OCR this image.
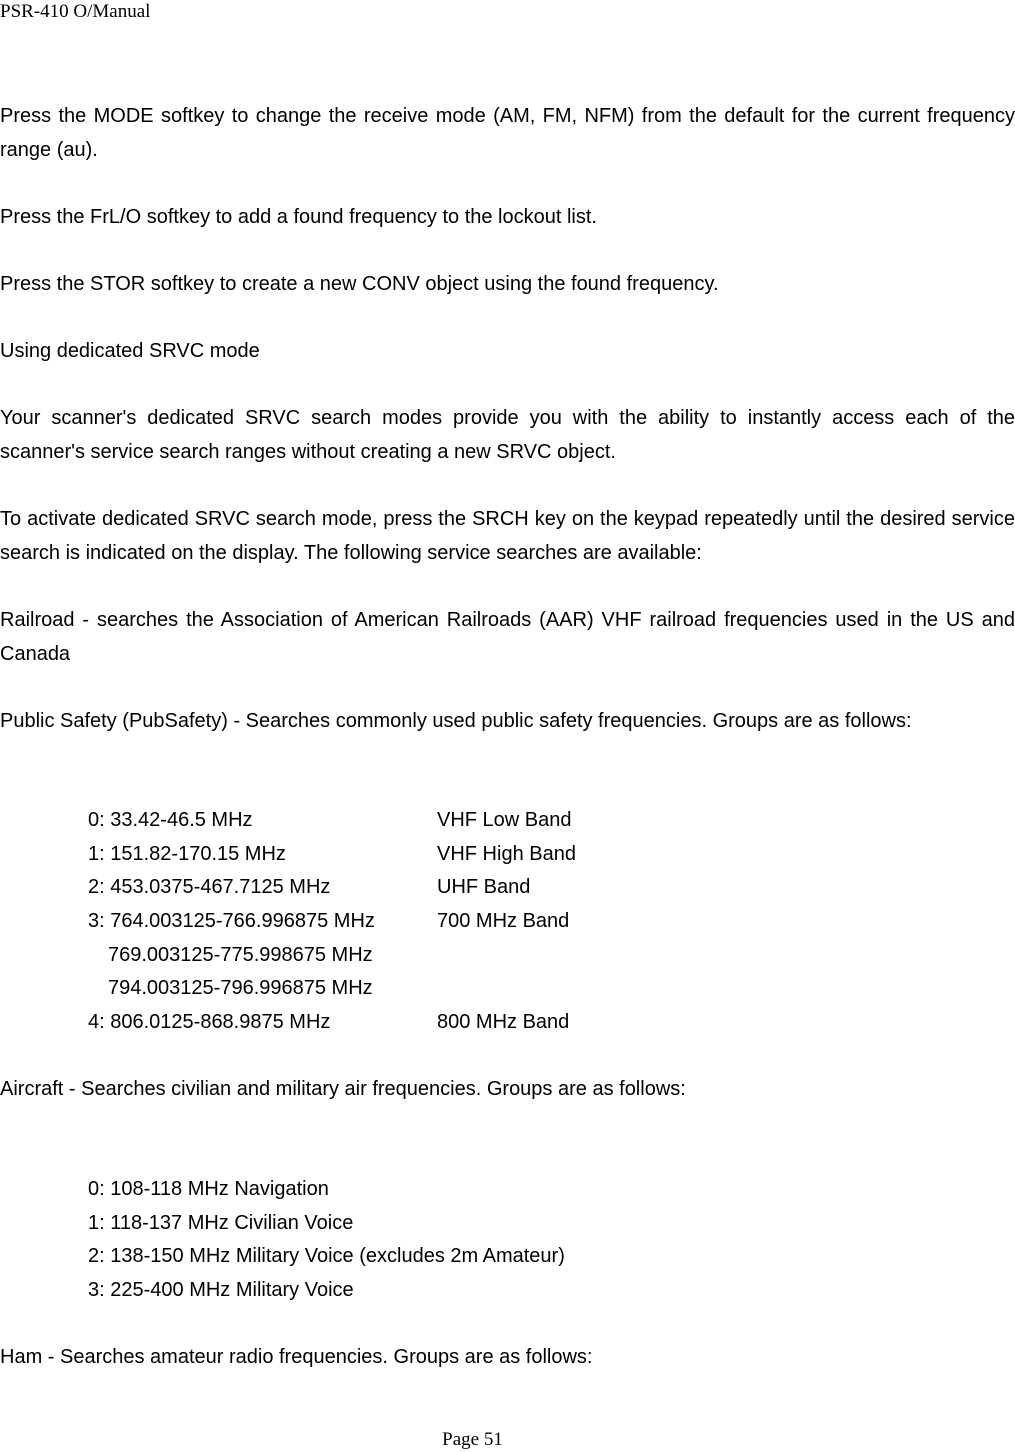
PSR-410 O/Manual
Press the MODE softkey to change the receive mode (AM, FM, NFM) from the default for the current frequency range (au).
Press the FrL/O softkey to add a found frequency to the lockout list.
Press the STOR softkey to create a new CONV object using the found frequency.
Using dedicated SRVC mode
Your scanner's dedicated SRVC search modes provide you with the ability to instantly access each of the scanner's service search ranges without creating a new SRVC object.
To activate dedicated SRVC search mode, press the SRCH key on the keypad repeatedly until the desired service search is indicated on the display. The following service searches are available:
Railroad - searches the Association of American Railroads (AAR) VHF railroad frequencies used in the US and Canada
Public Safety (PubSafety) - Searches commonly used public safety frequencies. Groups are as follows:
0: 33.42-46.5 MHz	VHF Low Band
1: 151.82-170.15 MHz	VHF High Band
2: 453.0375-467.7125 MHz	UHF Band
3: 764.003125-766.996875 MHz	700 MHz Band
769.003125-775.998675 MHz
794.003125-796.996875 MHz
4: 806.0125-868.9875 MHz	800 MHz Band
Aircraft - Searches civilian and military air frequencies. Groups are as follows:
0: 108-118 MHz Navigation
1: 118-137 MHz Civilian Voice
2: 138-150 MHz Military Voice (excludes 2m Amateur)
3: 225-400 MHz Military Voice
Ham - Searches amateur radio frequencies. Groups are as follows:
Page 51
